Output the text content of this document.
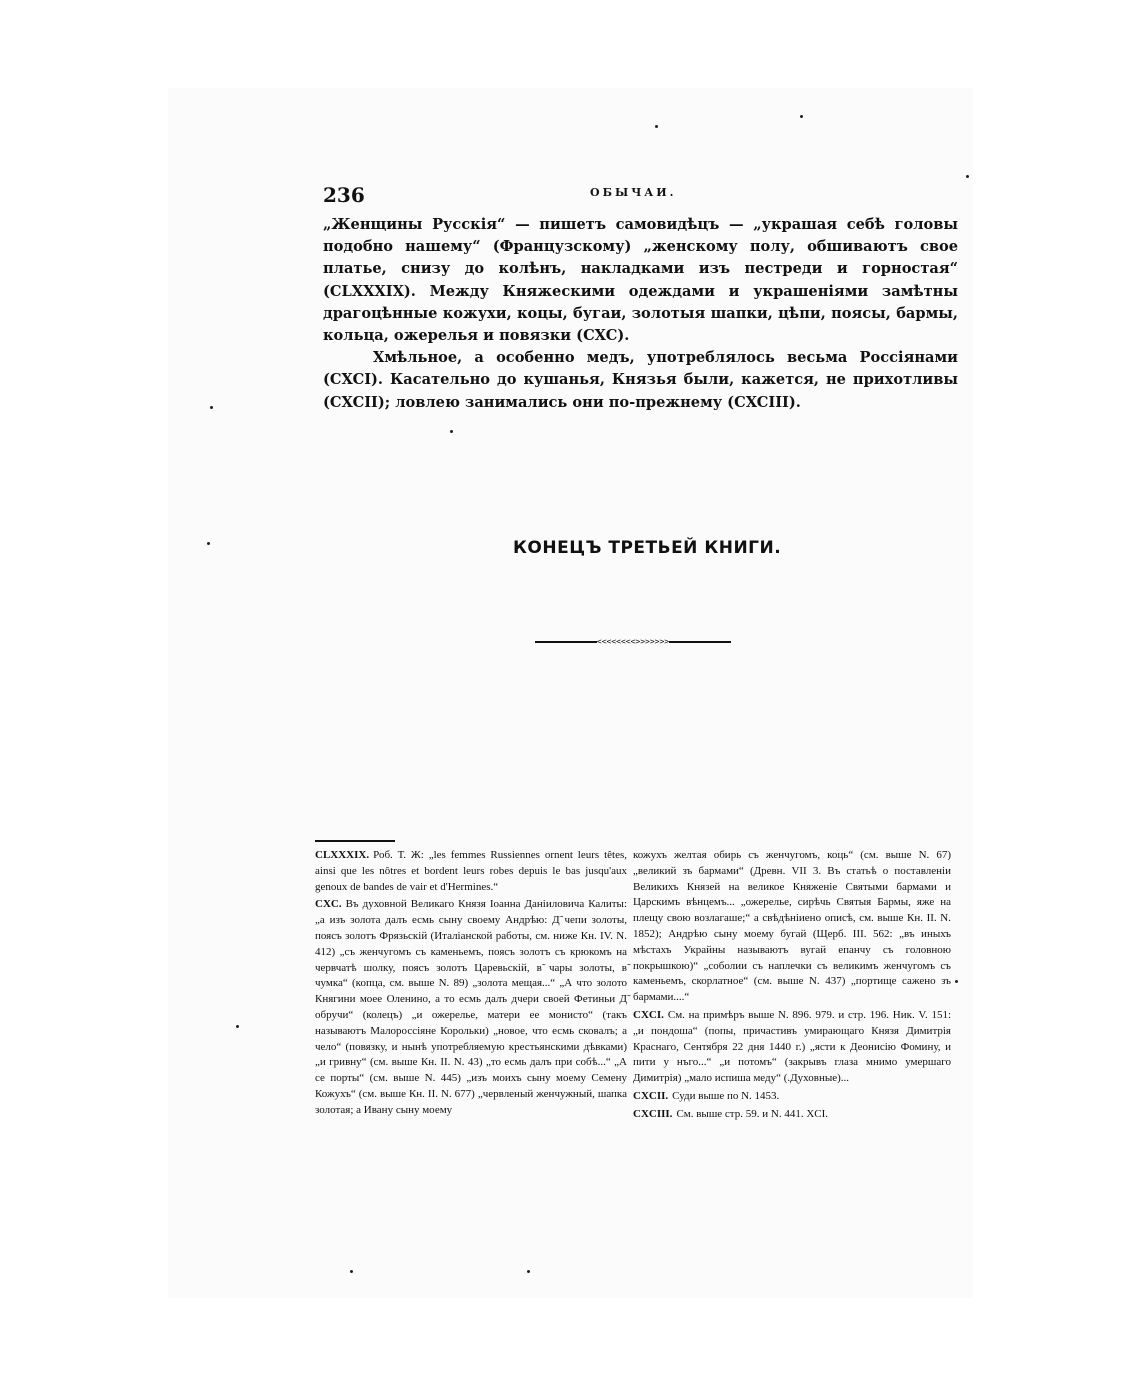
236	ОБЫЧАИ.

„Женщины Русскія“ — пишетъ самовидѣцъ — „украшая себѣ головы подобно нашему“ (Французскому) „женскому полу, обшиваютъ свое платье, снизу до колѣнъ, накладками изъ пестреди и горностая“ (CLXXXIX). Между Княжескими одеждами и украшеніями замѣтны драгоцѣнные кожухи, коцы, бугаи, золотыя шапки, цѣпи, поясы, бармы, кольца, ожерелья и повязки (CXC).

Хмѣльное, а особенно медъ, употреблялось весьма Россіянами (CXCI). Касательно до кушанья, Князья были, кажется, не прихотливы (CXCII); ловлею занимались они по-прежнему (CXCIII).

КОНЕЦЪ ТРЕТЬЕЙ КНИГИ.
<<<<<<<<>>>>>>>

CLXXXIX. Роб. Т. Ж: „les femmes Russiennes ornent leurs têtes, ainsi que les nôtres et bordent leurs robes depuis le bas jusqu'aux genoux de bandes de vair et d'Hermines.“

CXC. Въ духовной Великаго Князя Іоанна Даніиловича Калиты: „а изъ золота далъ есмь сыну своему Андрѣю: Д̃ чепи золоты, поясъ золотъ Фрязьскій (Италіанской работы, см. ниже Кн. IV. N. 412) „съ женчугомъ съ каменьемъ, поясъ золотъ съ крюкомъ на червчатѣ шолку, поясъ золотъ Царевьскій, в̃ чары золоты, в̃ чумка“ (копца, см. выше N. 89) „золота мещая...“ „А что золото Княгини моее Оленино, а то есмь далъ дчери своей Фетиньи Д̃ обручи“ (колецъ) „и ожерелье, матери ее монисто“ (такъ называютъ Малороссіяне Корольки) „новое, что есмь сковалъ; а чело“ (повязку, и нынѣ употребляемую крестьянскими дѣвками) „и гривну“ (см. выше Кн. II. N. 43) „то есмь далъ при собѣ...“ „А се порты“ (см. выше N. 445) „изъ моихъ сыну моему Семену Кожухъ“ (см. выше Кн. II. N. 677) „червленый женчужный, шапка золотая; а Ивану сыну моему

кожухъ желтая обирь съ женчугомъ, коць“ (см. выше N. 67) „великий зъ бармами“ (Древн. VII 3. Въ статьѣ о поставленіи Великихъ Князей на великое Княженіе Святыми бармами и Царскимъ вѣнцемъ... „ожерелье, сирѣчь Святыя Бармы, яже на плещу свою возлагаше;“ а свѣдѣніиено описѣ, см. выше Кн. II. N. 1852); Андрѣю сыну моему бугай (Щерб. III. 562: „въ иныхъ мѣстахъ Украйны называютъ вугай епанчу съ головною покрышкою)“ „соболии съ наплечки съ великимъ женчугомъ съ каменьемъ, скорлатное“ (см. выше N. 437) „портище сажено зъ бармами....“

CXCI. См. на примѣръ выше N. 896. 979. и стр. 196. Ник. V. 151: „и пондоша“ (попы, причастивъ умирающаго Князя Димитрія Краснаго, Сентября 22 дня 1440 г.) „ясти к Деонисію Фомину, и пити у нъго...“ „и потомъ“ (закрывъ глаза мнимо умершаго Димитрія) „мало испиша меду“ (.Духовные)...

CXCII. Суди выше по N. 1453.

CXCIII. См. выше стр. 59. и N. 441. XCI.
